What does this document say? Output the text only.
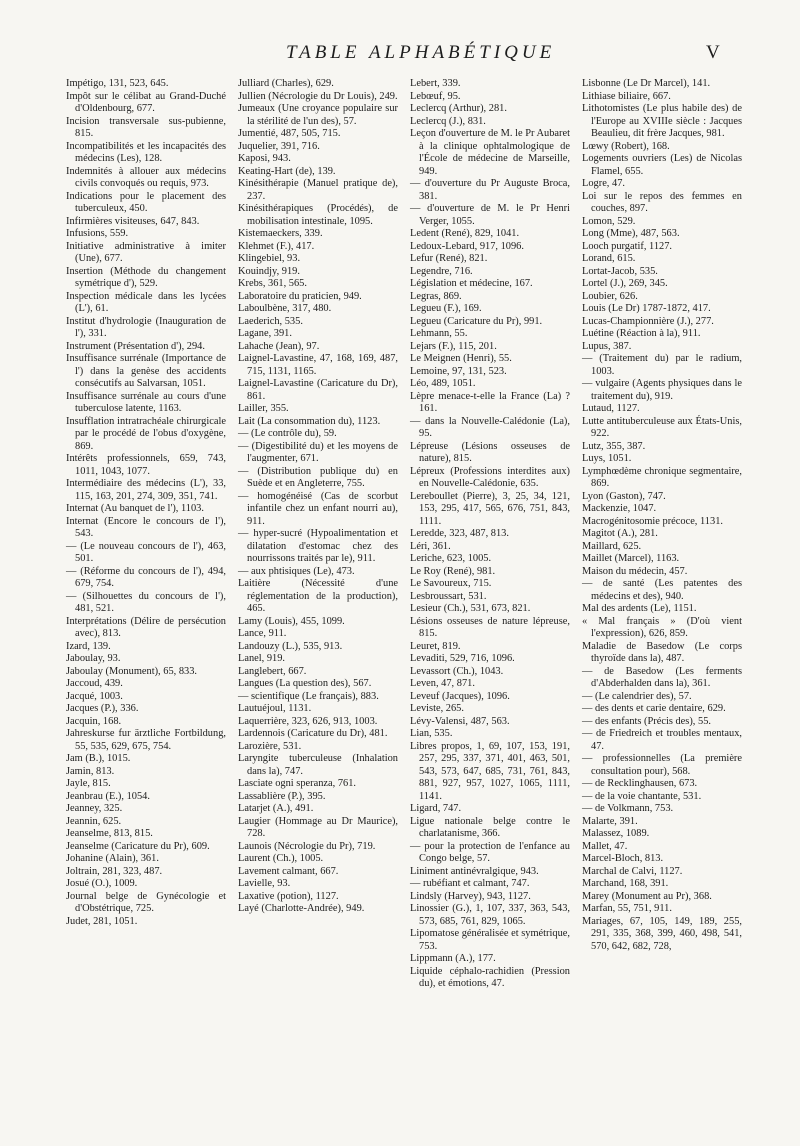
TABLE ALPHABÉTIQUE	V

Impétigo, 131, 523, 645.

Impôt sur le célibat au Grand-Duché d'Oldenbourg, 677.

Incision transversale sus-pubienne, 815.

Incompatibilités et les incapacités des médecins (Les), 128.

Indemnités à allouer aux médecins civils convoqués ou requis, 973.

Indications pour le placement des tuberculeux, 450.

Infirmières visiteuses, 647, 843.

Infusions, 559.

Initiative administrative à imiter (Une), 677.

Insertion (Méthode du changement symétrique d'), 529.

Inspection médicale dans les lycées (L'), 61.

Institut d'hydrologie (Inauguration de l'), 331.

Instrument (Présentation d'), 294.

Insuffisance surrénale (Importance de l') dans la genèse des accidents consécutifs au Salvarsan, 1051.

Insuffisance surrénale au cours d'une tuberculose latente, 1163.

Insufflation intratrachéale chirurgicale par le procédé de l'obus d'oxygène, 869.

Intérêts professionnels, 659, 743, 1011, 1043, 1077.

Intermédiaire des médecins (L'), 33, 115, 163, 201, 274, 309, 351, 741.

Internat (Au banquet de l'), 1103.

Internat (Encore le concours de l'), 543.

— (Le nouveau concours de l'), 463, 501.

— (Réforme du concours de l'), 494, 679, 754.

— (Silhouettes du concours de l'), 481, 521.

Interprétations (Délire de persécution avec), 813.

Izard, 139.

Jaboulay, 93.

Jaboulay (Monument), 65, 833.

Jaccoud, 439.

Jacqué, 1003.

Jacques (P.), 336.

Jacquin, 168.

Jahreskurse fur ärztliche Fortbildung, 55, 535, 629, 675, 754.

Jam (B.), 1015.

Jamin, 813.

Jayle, 815.

Jeanbrau (E.), 1054.

Jeanney, 325.

Jeannin, 625.

Jeanselme, 813, 815.

Jeanselme (Caricature du Pr), 609.

Johanine (Alain), 361.

Joltrain, 281, 323, 487.

Josué (O.), 1009.

Journal belge de Gynécologie et d'Obstétrique, 725.

Judet, 281, 1051.

Julliard (Charles), 629.

Jullien (Nécrologie du Dr Louis), 249.

Jumeaux (Une croyance populaire sur la stérilité de l'un des), 57.

Jumentié, 487, 505, 715.

Juquelier, 391, 716.

Kaposi, 943.

Keating-Hart (de), 139.

Kinésithérapie (Manuel pratique de), 237.

Kinésithérapiques (Procédés), de mobilisation intestinale, 1095.

Kistemaeckers, 339.

Klehmet (F.), 417.

Klingebiel, 93.

Kouindjy, 919.

Krebs, 361, 565.

Laboratoire du praticien, 949.

Laboulbène, 317, 480.

Laederich, 535.

Lagane, 391.

Lahache (Jean), 97.

Laignel-Lavastine, 47, 168, 169, 487, 715, 1131, 1165.

Laignel-Lavastine (Caricature du Dr), 861.

Lailler, 355.

Lait (La consommation du), 1123.

— (Le contrôle du), 59.

— (Digestibilité du) et les moyens de l'augmenter, 671.

— (Distribution publique du) en Suède et en Angleterre, 755.

— homogénéisé (Cas de scorbut infantile chez un enfant nourri au), 911.

— hyper-sucré (Hypoalimentation et dilatation d'estomac chez des nourrissons traités par le), 911.

— aux phtisiques (Le), 473.

Laitière (Nécessité d'une réglementation de la production), 465.

Lamy (Louis), 455, 1099.

Lance, 911.

Landouzy (L.), 535, 913.

Lanel, 919.

Langlebert, 667.

Langues (La question des), 567.

— scientifique (Le français), 883.

Lautuéjoul, 1131.

Laquerrière, 323, 626, 913, 1003.

Lardennois (Caricature du Dr), 481.

Larozière, 531.

Laryngite tuberculeuse (Inhalation dans la), 747.

Lasciate ogni speranza, 761.

Lassablière (P.), 395.

Latarjet (A.), 491.

Laugier (Hommage au Dr Maurice), 728.

Launois (Nécrologie du Pr), 719.

Laurent (Ch.), 1005.

Lavement calmant, 667.

Lavielle, 93.

Laxative (potion), 1127.

Layé (Charlotte-Andrée), 949.

Lebert, 339.

Lebœuf, 95.

Leclercq (Arthur), 281.

Leclercq (J.), 831.

Leçon d'ouverture de M. le Pr Aubaret à la clinique ophtalmologique de l'École de médecine de Marseille, 949.

— d'ouverture du Pr Auguste Broca, 381.

— d'ouverture de M. le Pr Henri Verger, 1055.

Ledent (René), 829, 1041.

Ledoux-Lebard, 917, 1096.

Lefur (René), 821.

Legendre, 716.

Législation et médecine, 167.

Legras, 869.

Legueu (F.), 169.

Legueu (Caricature du Pr), 991.

Lehmann, 55.

Lejars (F.), 115, 201.

Le Meignen (Henri), 55.

Lemoine, 97, 131, 523.

Léo, 489, 1051.

Lèpre menace-t-elle la France (La) ? 161.

— dans la Nouvelle-Calédonie (La), 95.

Lépreuse (Lésions osseuses de nature), 815.

Lépreux (Professions interdites aux) en Nouvelle-Calédonie, 635.

Lereboullet (Pierre), 3, 25, 34, 121, 153, 295, 417, 565, 676, 751, 843, 1111.

Leredde, 323, 487, 813.

Léri, 361.

Leriche, 623, 1005.

Le Roy (René), 981.

Le Savoureux, 715.

Lesbroussart, 531.

Lesieur (Ch.), 531, 673, 821.

Lésions osseuses de nature lépreuse, 815.

Leuret, 819.

Levaditi, 529, 716, 1096.

Levassort (Ch.), 1043.

Leven, 47, 871.

Leveuf (Jacques), 1096.

Leviste, 265.

Lévy-Valensi, 487, 563.

Lian, 535.

Libres propos, 1, 69, 107, 153, 191, 257, 295, 337, 371, 401, 463, 501, 543, 573, 647, 685, 731, 761, 843, 881, 927, 957, 1027, 1065, 1111, 1141.

Ligard, 747.

Ligue nationale belge contre le charlatanisme, 366.

— pour la protection de l'enfance au Congo belge, 57.

Liniment antinévralgique, 943.

— rubéfiant et calmant, 747.

Lindsly (Harvey), 943, 1127.

Linossier (G.), 1, 107, 337, 363, 543, 573, 685, 761, 829, 1065.

Lipomatose généralisée et symétrique, 753.

Lippmann (A.), 177.

Liquide céphalo-rachidien (Pression du), et émotions, 47.

Lisbonne (Le Dr Marcel), 141.

Lithiase biliaire, 667.

Lithotomistes (Le plus habile des) de l'Europe au XVIIIe siècle : Jacques Beaulieu, dit frère Jacques, 981.

Lœwy (Robert), 168.

Logements ouvriers (Les) de Nicolas Flamel, 655.

Logre, 47.

Loi sur le repos des femmes en couches, 897.

Lomon, 529.

Long (Mme), 487, 563.

Looch purgatif, 1127.

Lorand, 615.

Lortat-Jacob, 535.

Lortel (J.), 269, 345.

Loubier, 626.

Louis (Le Dr) 1787-1872, 417.

Lucas-Championnière (J.), 277.

Luétine (Réaction à la), 911.

Lupus, 387.

— (Traitement du) par le radium, 1003.

— vulgaire (Agents physiques dans le traitement du), 919.

Lutaud, 1127.

Lutte antituberculeuse aux États-Unis, 922.

Lutz, 355, 387.

Luys, 1051.

Lymphœdème chronique segmentaire, 869.

Lyon (Gaston), 747.

Mackenzie, 1047.

Macrogénitosomie précoce, 1131.

Magitot (A.), 281.

Maillard, 625.

Maillet (Marcel), 1163.

Maison du médecin, 457.

— de santé (Les patentes des médecins et des), 940.

Mal des ardents (Le), 1151.

« Mal français » (D'où vient l'expression), 626, 859.

Maladie de Basedow (Le corps thyroïde dans la), 487.

— de Basedow (Les ferments d'Abderhalden dans la), 361.

— (Le calendrier des), 57.

— des dents et carie dentaire, 629.

— des enfants (Précis des), 55.

— de Friedreich et troubles mentaux, 47.

— professionnelles (La première consultation pour), 568.

— de Recklinghausen, 673.

— de la voie chantante, 531.

— de Volkmann, 753.

Malarte, 391.

Malassez, 1089.

Mallet, 47.

Marcel-Bloch, 813.

Marchal de Calvi, 1127.

Marchand, 168, 391.

Marey (Monument au Pr), 368.

Marfan, 55, 751, 911.

Mariages, 67, 105, 149, 189, 255, 291, 335, 368, 399, 460, 498, 541, 570, 642, 682, 728,
